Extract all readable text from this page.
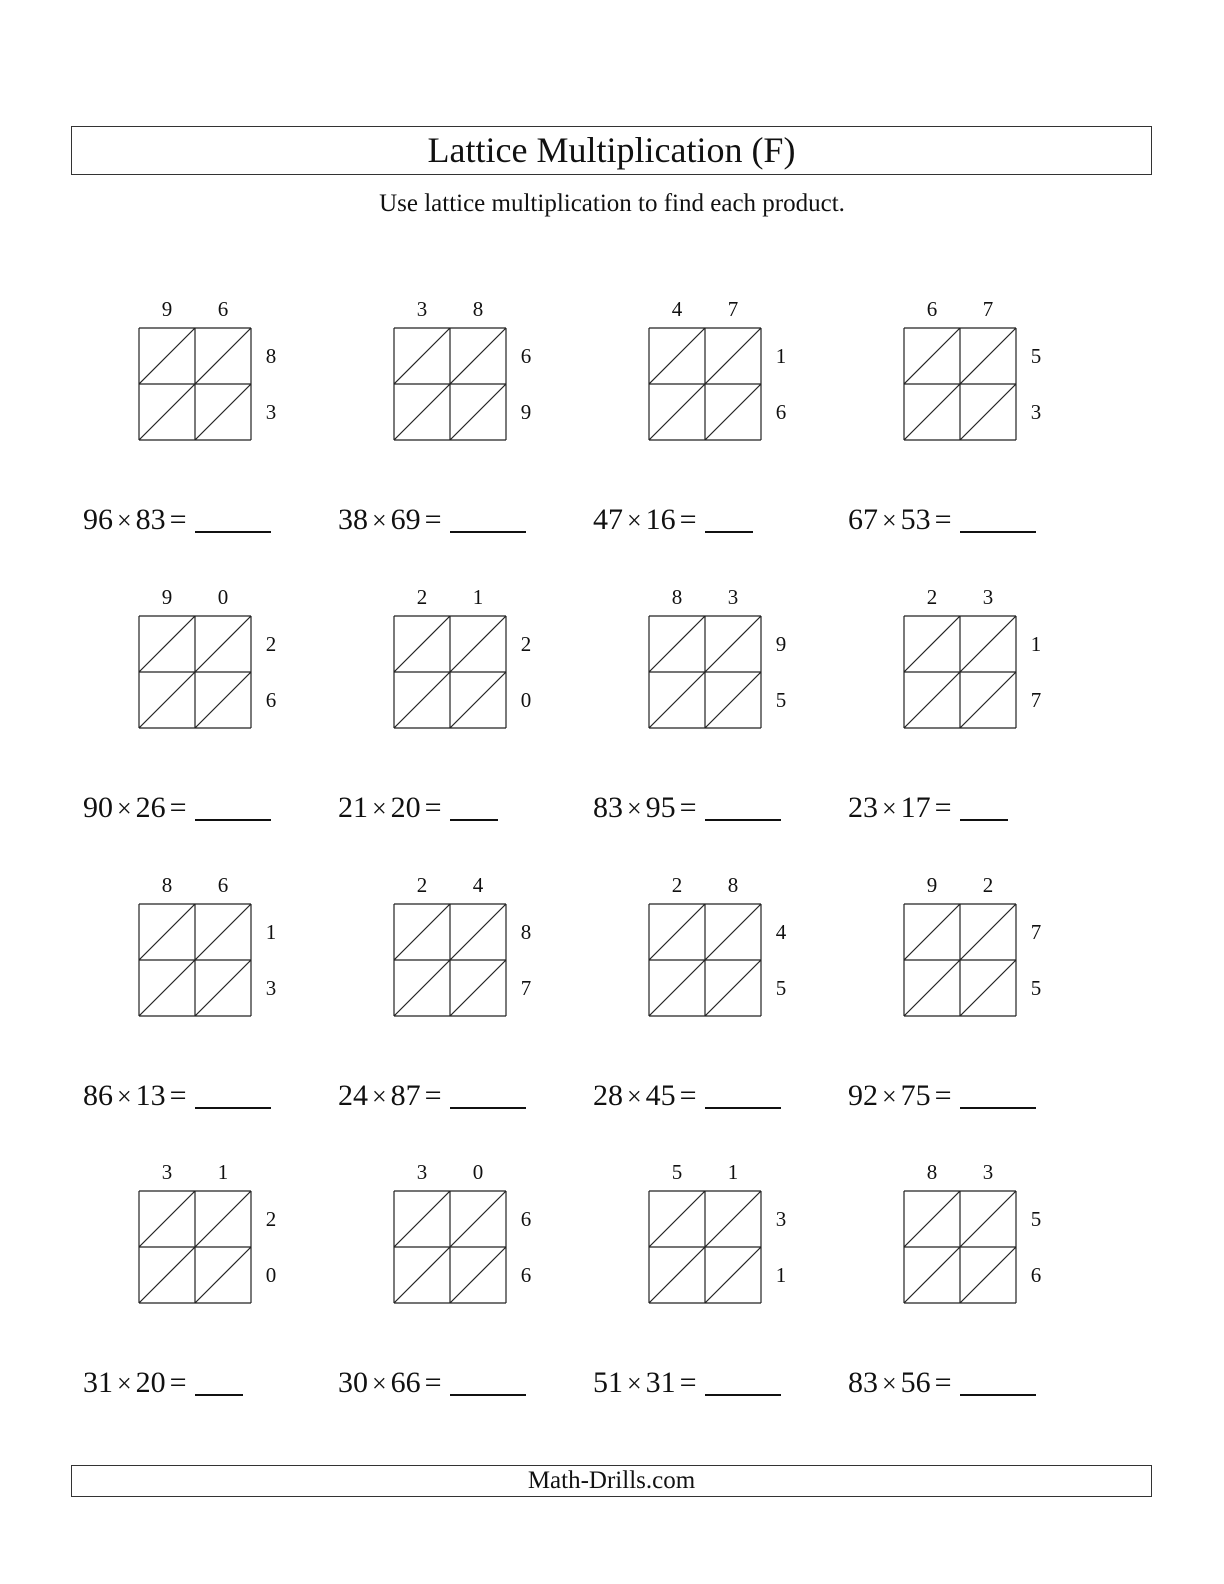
Lattice Multiplication (F)
Use lattice multiplication to find each product.
9 6
8
3
96 × 83 =
3 8
6
9
38 × 69 =
4 7
1
6
47 × 16 =
6 7
5
3
67 × 53 =
9 0
2
6
90 × 26 =
2 1
2
0
21 × 20 =
8 3
9
5
83 × 95 =
2 3
1
7
23 × 17 =
8 6
1
3
86 × 13 =
2 4
8
7
24 × 87 =
2 8
4
5
28 × 45 =
9 2
7
5
92 × 75 =
3 1
2
0
31 × 20 =
3 0
6
6
30 × 66 =
5 1
3
1
51 × 31 =
8 3
5
6
83 × 56 =
Math-Drills.com
